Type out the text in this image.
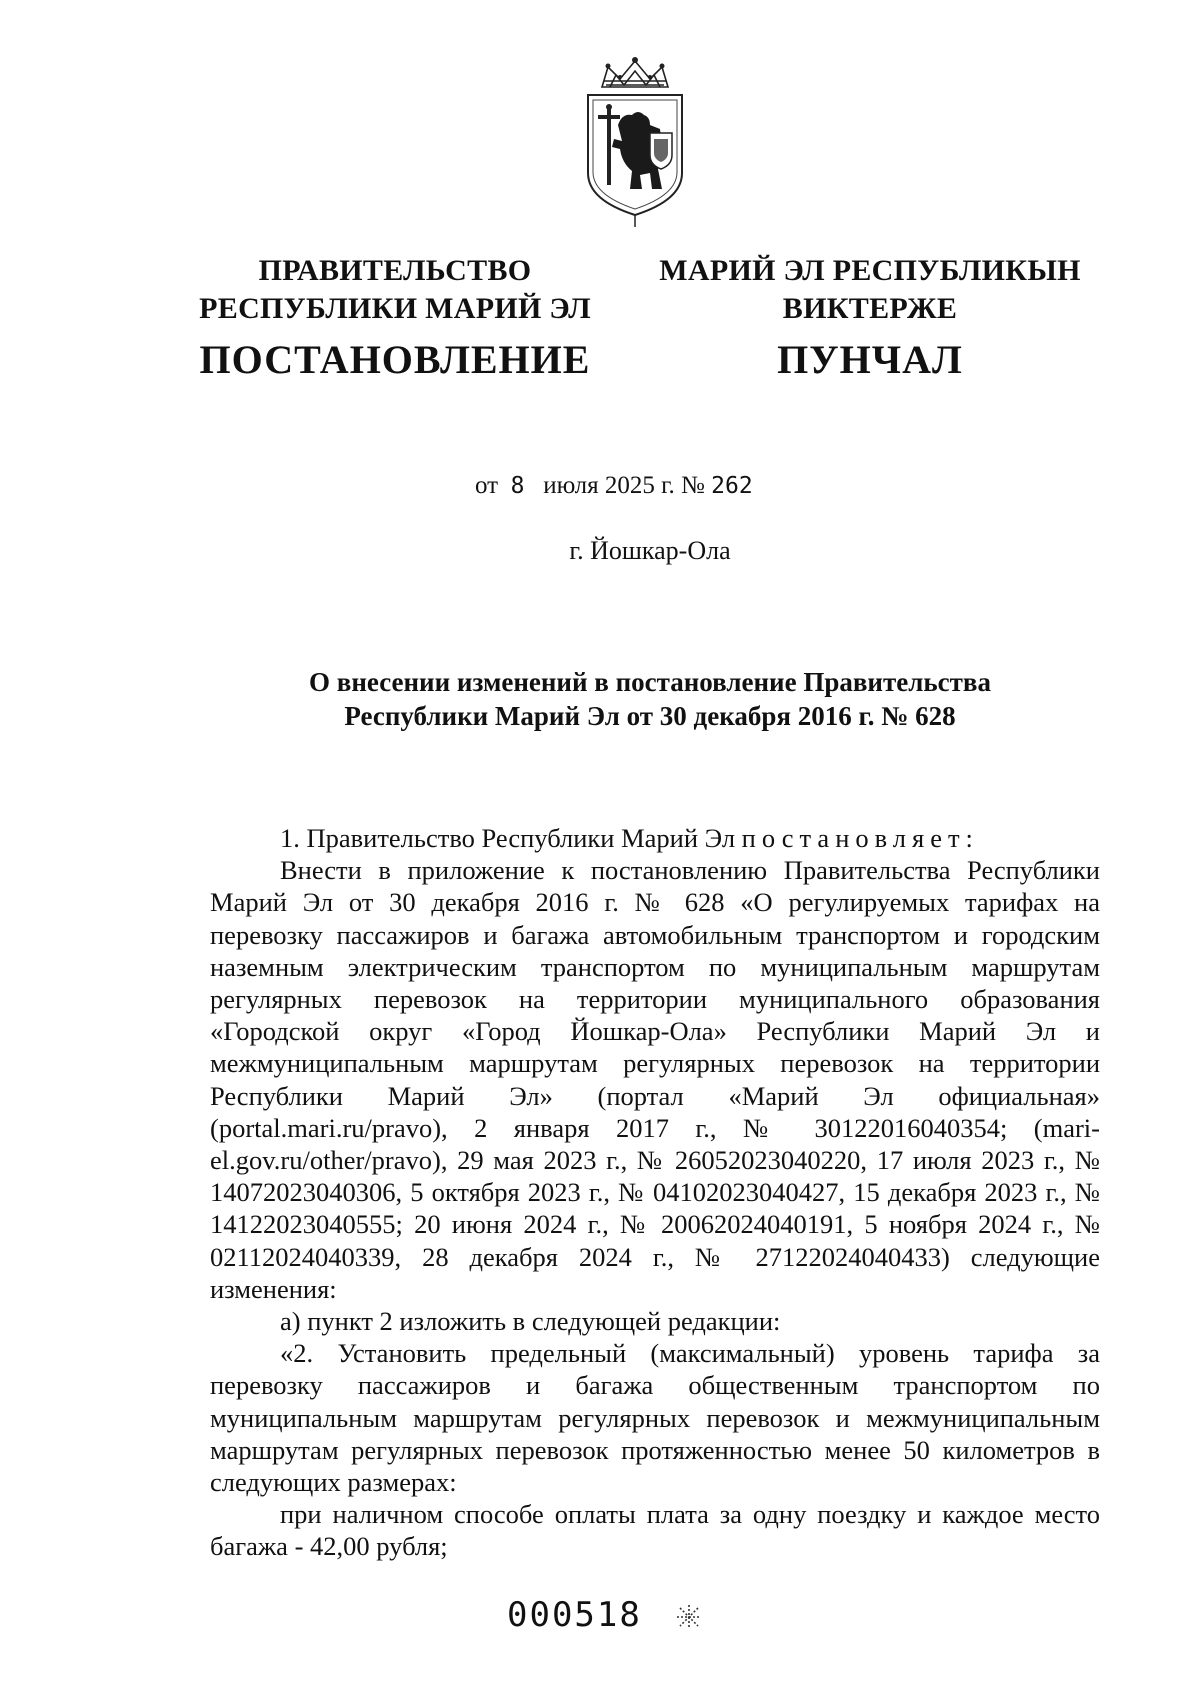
ПРАВИТЕЛЬСТВО
РЕСПУБЛИКИ МАРИЙ ЭЛ
ПОСТАНОВЛЕНИЕ
МАРИЙ ЭЛ РЕСПУБЛИКЫН
ВИКТЕРЖЕ
ПУНЧАЛ
от 8 июля 2025 г. № 262
г. Йошкар-Ола
О внесении изменений в постановление Правительства
Республики Марий Эл от 30 декабря 2016 г. № 628

1. Правительство Республики Марий Эл постановляет:

Внести в приложение к постановлению Правительства Республики Марий Эл от 30 декабря 2016 г. № 628 «О регулируемых тарифах на перевозку пассажиров и багажа автомобильным транспортом и городским наземным электрическим транспортом по муниципальным маршрутам регулярных перевозок на территории муниципального образования «Городской округ «Город Йошкар-Ола» Республики Марий Эл и межмуниципальным маршрутам регулярных перевозок на территории Республики Марий Эл» (портал «Марий Эл официальная» (portal.mari.ru/pravo), 2 января 2017 г., № 30122016040354; (mari-el.gov.ru/other/pravo), 29 мая 2023 г., № 26052023040220, 17 июля 2023 г., № 14072023040306, 5 октября 2023 г., № 04102023040427, 15 декабря 2023 г., № 14122023040555; 20 июня 2024 г., № 20062024040191, 5 ноября 2024 г., № 02112024040339, 28 декабря 2024 г., № 27122024040433) следующие изменения:

а) пункт 2 изложить в следующей редакции:

«2. Установить предельный (максимальный) уровень тарифа за перевозку пассажиров и багажа общественным транспортом по муниципальным маршрутам регулярных перевозок и межмуниципальным маршрутам регулярных перевозок протяженностью менее 50 километров в следующих размерах:

при наличном способе оплаты плата за одну поездку и каждое место багажа - 42,00 рубля;

000518
